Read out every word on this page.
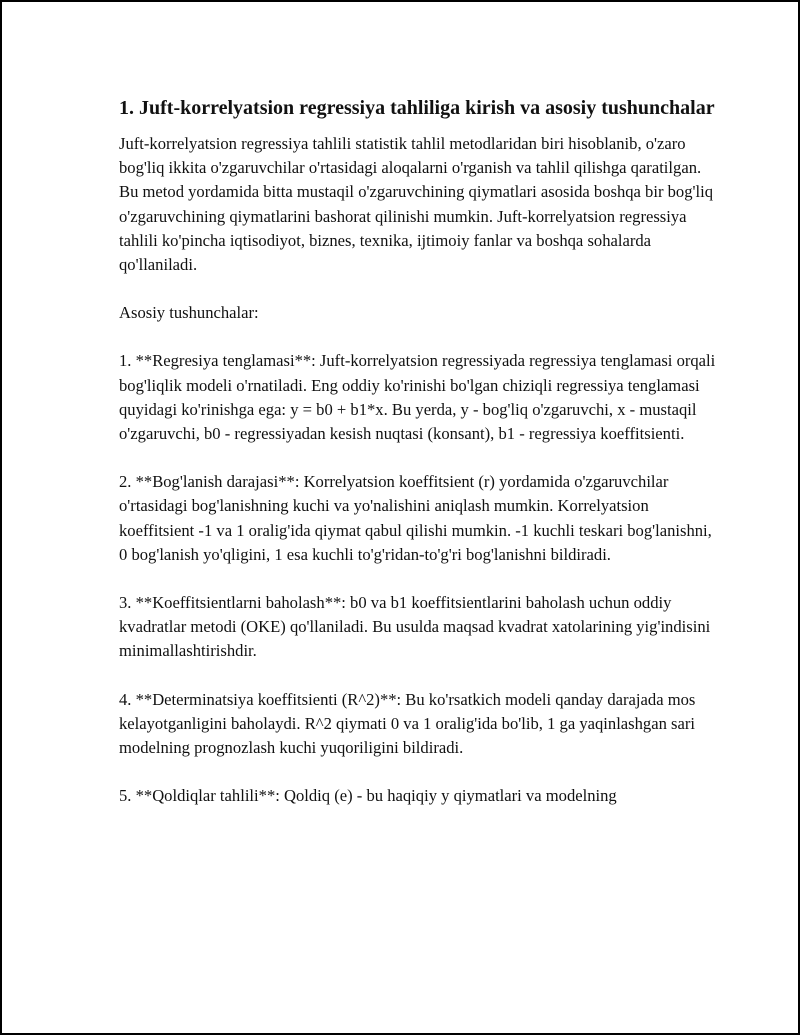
1. Juft-korrelyatsion regressiya tahliliga kirish va asosiy tushunchalar

Juft-korrelyatsion regressiya tahlili statistik tahlil metodlaridan biri hisoblanib, o'zaro bog'liq ikkita o'zgaruvchilar o'rtasidagi aloqalarni o'rganish va tahlil qilishga qaratilgan. Bu metod yordamida bitta mustaqil o'zgaruvchining qiymatlari asosida boshqa bir bog'liq o'zgaruvchining qiymatlarini bashorat qilinishi mumkin. Juft-korrelyatsion regressiya tahlili ko'pincha iqtisodiyot, biznes, texnika, ijtimoiy fanlar va boshqa sohalarda qo'llaniladi.

Asosiy tushunchalar:

1. **Regresiya tenglamasi**: Juft-korrelyatsion regressiyada regressiya tenglamasi orqali bog'liqlik modeli o'rnatiladi. Eng oddiy ko'rinishi bo'lgan chiziqli regressiya tenglamasi quyidagi ko'rinishga ega: y = b0 + b1*x. Bu yerda, y - bog'liq o'zgaruvchi, x - mustaqil o'zgaruvchi, b0 - regressiyadan kesish nuqtasi (konsant), b1 - regressiya koeffitsienti.

2. **Bog'lanish darajasi**: Korrelyatsion koeffitsient (r) yordamida o'zgaruvchilar o'rtasidagi bog'lanishning kuchi va yo'nalishini aniqlash mumkin. Korrelyatsion koeffitsient -1 va 1 oralig'ida qiymat qabul qilishi mumkin. -1 kuchli teskari bog'lanishni, 0 bog'lanish yo'qligini, 1 esa kuchli to'g'ridan-to'g'ri bog'lanishni bildiradi.

3. **Koeffitsientlarni baholash**: b0 va b1 koeffitsientlarini baholash uchun oddiy kvadratlar metodi (OKE) qo'llaniladi. Bu usulda maqsad kvadrat xatolarining yig'indisini minimallashtirishdir.

4. **Determinatsiya koeffitsienti (R^2)**: Bu ko'rsatkich modeli qanday darajada mos kelayotganligini baholaydi. R^2 qiymati 0 va 1 oralig'ida bo'lib, 1 ga yaqinlashgan sari modelning prognozlash kuchi yuqoriligini bildiradi.

5. **Qoldiqlar tahlili**: Qoldiq (e) - bu haqiqiy y qiymatlari va modelning
